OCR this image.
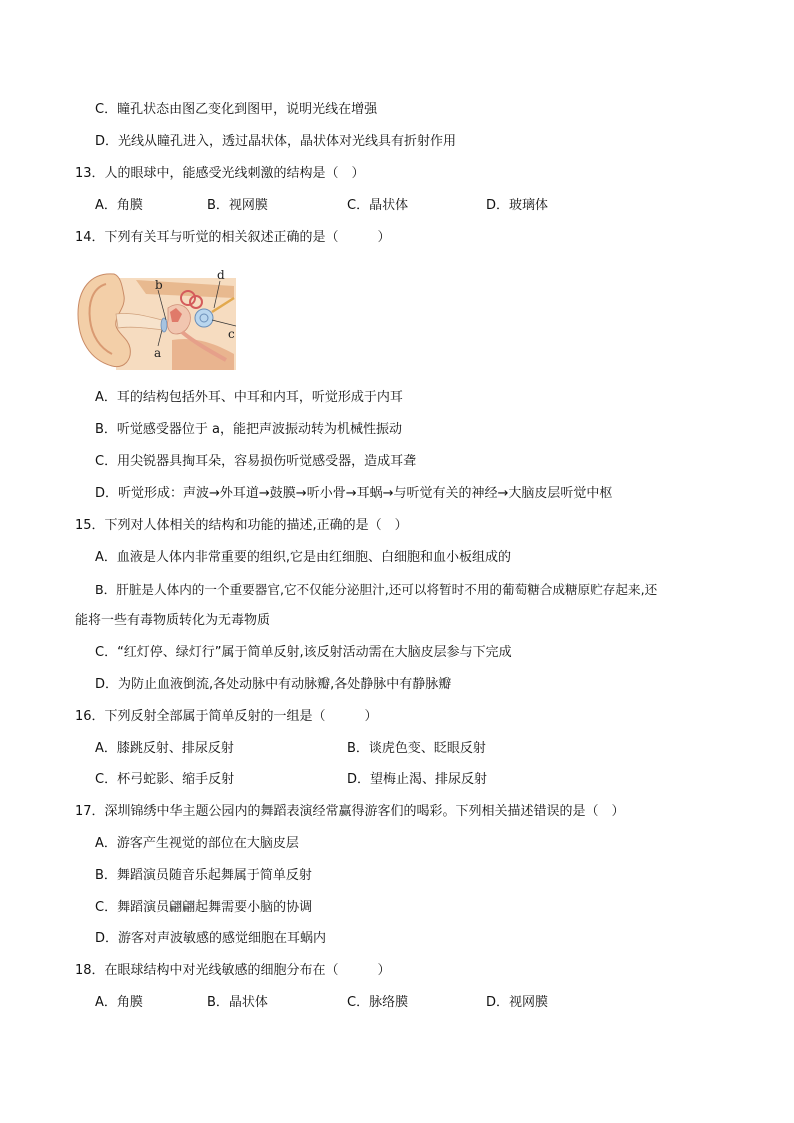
C．瞳孔状态由图乙变化到图甲，说明光线在增强
D．光线从瞳孔进入，透过晶状体，晶状体对光线具有折射作用
13．人的眼球中，能感受光线刺激的结构是（　）
A．角膜	B．视网膜	C．晶状体	D．玻璃体
14．下列有关耳与听觉的相关叙述正确的是（　　　）
b
d
c
a
A．耳的结构包括外耳、中耳和内耳，听觉形成于内耳
B．听觉感受器位于 a，能把声波振动转为机械性振动
C．用尖锐器具掏耳朵，容易损伤听觉感受器，造成耳聋
D．听觉形成：声波→外耳道→鼓膜→听小骨→耳蜗→与听觉有关的神经→大脑皮层听觉中枢
15．下列对人体相关的结构和功能的描述,正确的是（　）
A．血液是人体内非常重要的组织,它是由红细胞、白细胞和血小板组成的
B．肝脏是人体内的一个重要器官,它不仅能分泌胆汁,还可以将暂时不用的葡萄糖合成糖原贮存起来,还
能将一些有毒物质转化为无毒物质
C．“红灯停、绿灯行”属于简单反射,该反射活动需在大脑皮层参与下完成
D．为防止血液倒流,各处动脉中有动脉瓣,各处静脉中有静脉瓣
16．下列反射全部属于简单反射的一组是（　　　）
A．膝跳反射、排尿反射	B．谈虎色变、眨眼反射
C．杯弓蛇影、缩手反射	D．望梅止渴、排尿反射
17．深圳锦绣中华主题公园内的舞蹈表演经常赢得游客们的喝彩。下列相关描述错误的是（　）
A．游客产生视觉的部位在大脑皮层
B．舞蹈演员随音乐起舞属于简单反射
C．舞蹈演员翩翩起舞需要小脑的协调
D．游客对声波敏感的感觉细胞在耳蜗内
18．在眼球结构中对光线敏感的细胞分布在（　　　）
A．角膜	B．晶状体	C．脉络膜	D．视网膜
